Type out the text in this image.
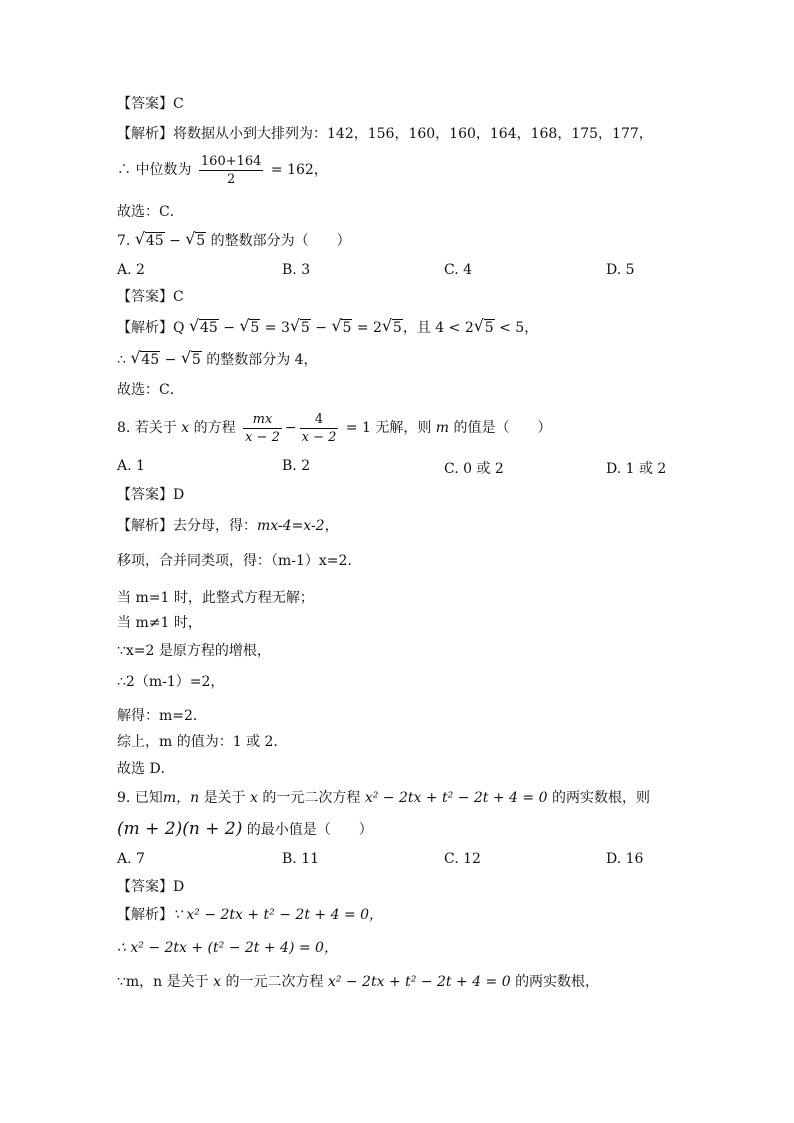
【答案】C
【解析】将数据从小到大排列为：142，156，160，160，164，168，175，177，
∴ 中位数为 $\frac{160+164}{2} = 162$，
故选：C．
7. √ 45 − √ 5 的整数部分为（　　）
A. 2	B. 3	C. 4	D. 5
【答案】C
【解析】Q √ 45 − √ 5 = 3 √ 5 − √ 5 = 2 √ 5，且 4 < 2 √ 5 < 5，
∴ √ 45 − √ 5 的整数部分为 4，
故选：C．
8. 若关于 x 的方程 $\frac{mx}{x - 2} - \frac{4}{x - 2} = 1$ 无解，则 m 的值是（　　）
A. 1	B. 2	C. 0 或 2	D. 1 或 2
【答案】D
【解析】去分母，得：mx-4=x-2，
移项，合并同类项，得：（m-1）x=2．
当 m=1 时，此整式方程无解；
当 m≠1 时，
∵x=2 是原方程的增根，
∴2（m-1）=2，
解得：m=2．
综上，m 的值为：1 或 2．
故选 D．
9. 已知m，n 是关于 x 的一元二次方程 x² − 2tx + t² − 2t + 4 = 0 的两实数根，则
(m + 2)(n + 2) 的最小值是（　　）
A. 7	B. 11	C. 12	D. 16
【答案】D
【解析】∵ x² − 2tx + t² − 2t + 4 = 0，
∴ x² − 2tx + (t² − 2t + 4) = 0，
∵m，n 是关于 x 的一元二次方程 x² − 2tx + t² − 2t + 4 = 0 的两实数根，
